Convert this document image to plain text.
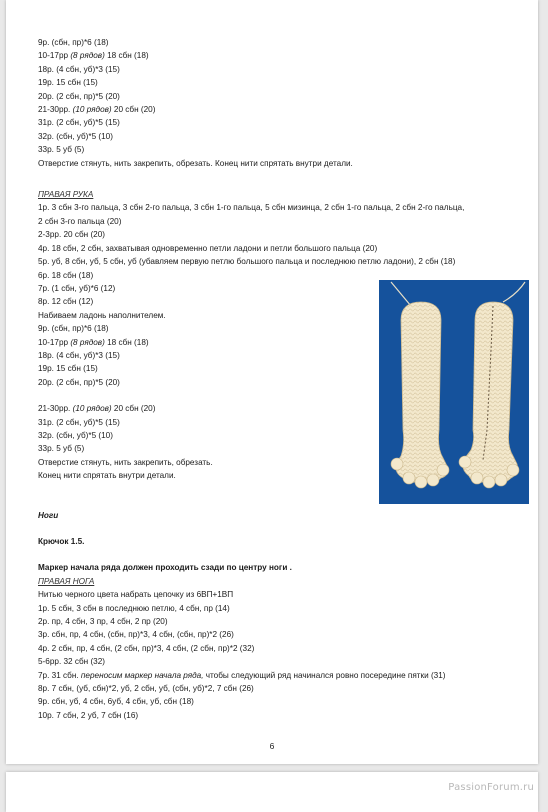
9р. (сбн, пр)*6 (18)
10-17рр (8 рядов) 18 сбн (18)
18р. (4 сбн, уб)*3 (15)
19р. 15 сбн (15)
20р. (2 сбн, пр)*5 (20)
21-30рр. (10 рядов) 20 сбн (20)
31р. (2 сбн, уб)*5 (15)
32р. (сбн, уб)*5 (10)
33р. 5 уб (5)
Отверстие стянуть, нить закрепить, обрезать. Конец нити спрятать внутри детали.
ПРАВАЯ РУКА
1р. 3 сбн 3-го пальца, 3 сбн 2-го пальца, 3 сбн 1-го пальца, 5 сбн мизинца, 2 сбн 1-го пальца, 2 сбн 2-го пальца,
2 сбн 3-го пальца (20)
2-3рр. 20 сбн (20)
4р. 18 сбн, 2 сбн, захватывая одновременно петли ладони и петли большого пальца (20)
5р. уб, 8 сбн, уб, 5 сбн, уб (убавляем первую петлю большого пальца и последнюю петлю ладони), 2 сбн (18)
6р. 18 сбн (18)
7р. (1 сбн, уб)*6 (12)
8р. 12 сбн (12)
Набиваем ладонь наполнителем.
9р. (сбн, пр)*6 (18)
10-17рр (8 рядов) 18 сбн (18)
18р. (4 сбн, уб)*3 (15)
19р. 15 сбн (15)
20р. (2 сбн, пр)*5 (20)
21-30рр. (10 рядов) 20 сбн (20)
31р. (2 сбн, уб)*5 (15)
32р. (сбн, уб)*5 (10)
33р. 5 уб (5)
Отверстие стянуть, нить закрепить, обрезать.
Конец нити спрятать внутри детали.
Ноги
Крючок 1.5.
Маркер начала ряда должен проходить сзади по центру ноги .
ПРАВАЯ НОГА
Нитью черного цвета набрать цепочку из 6ВП+1ВП
1р. 5 сбн, 3 сбн в последнюю петлю, 4 сбн, пр (14)
2р. пр, 4 сбн, 3 пр, 4 сбн, 2 пр (20)
3р. сбн, пр, 4 сбн, (сбн, пр)*3, 4 сбн, (сбн, пр)*2 (26)
4р. 2 сбн, пр, 4 сбн, (2 сбн, пр)*3, 4 сбн, (2 сбн, пр)*2 (32)
5-6рр. 32 сбн (32)
7р. 31 сбн. переносим маркер начала ряда, чтобы следующий ряд начинался ровно посередине пятки (31)
8р. 7 сбн, (уб, сбн)*2, уб, 2 сбн, уб, (сбн, уб)*2, 7 сбн (26)
9р. сбн, уб, 4 сбн, 6уб, 4 сбн, уб, сбн (18)
10р. 7 сбн, 2 уб, 7 сбн (16)
6
PassionForum.ru
